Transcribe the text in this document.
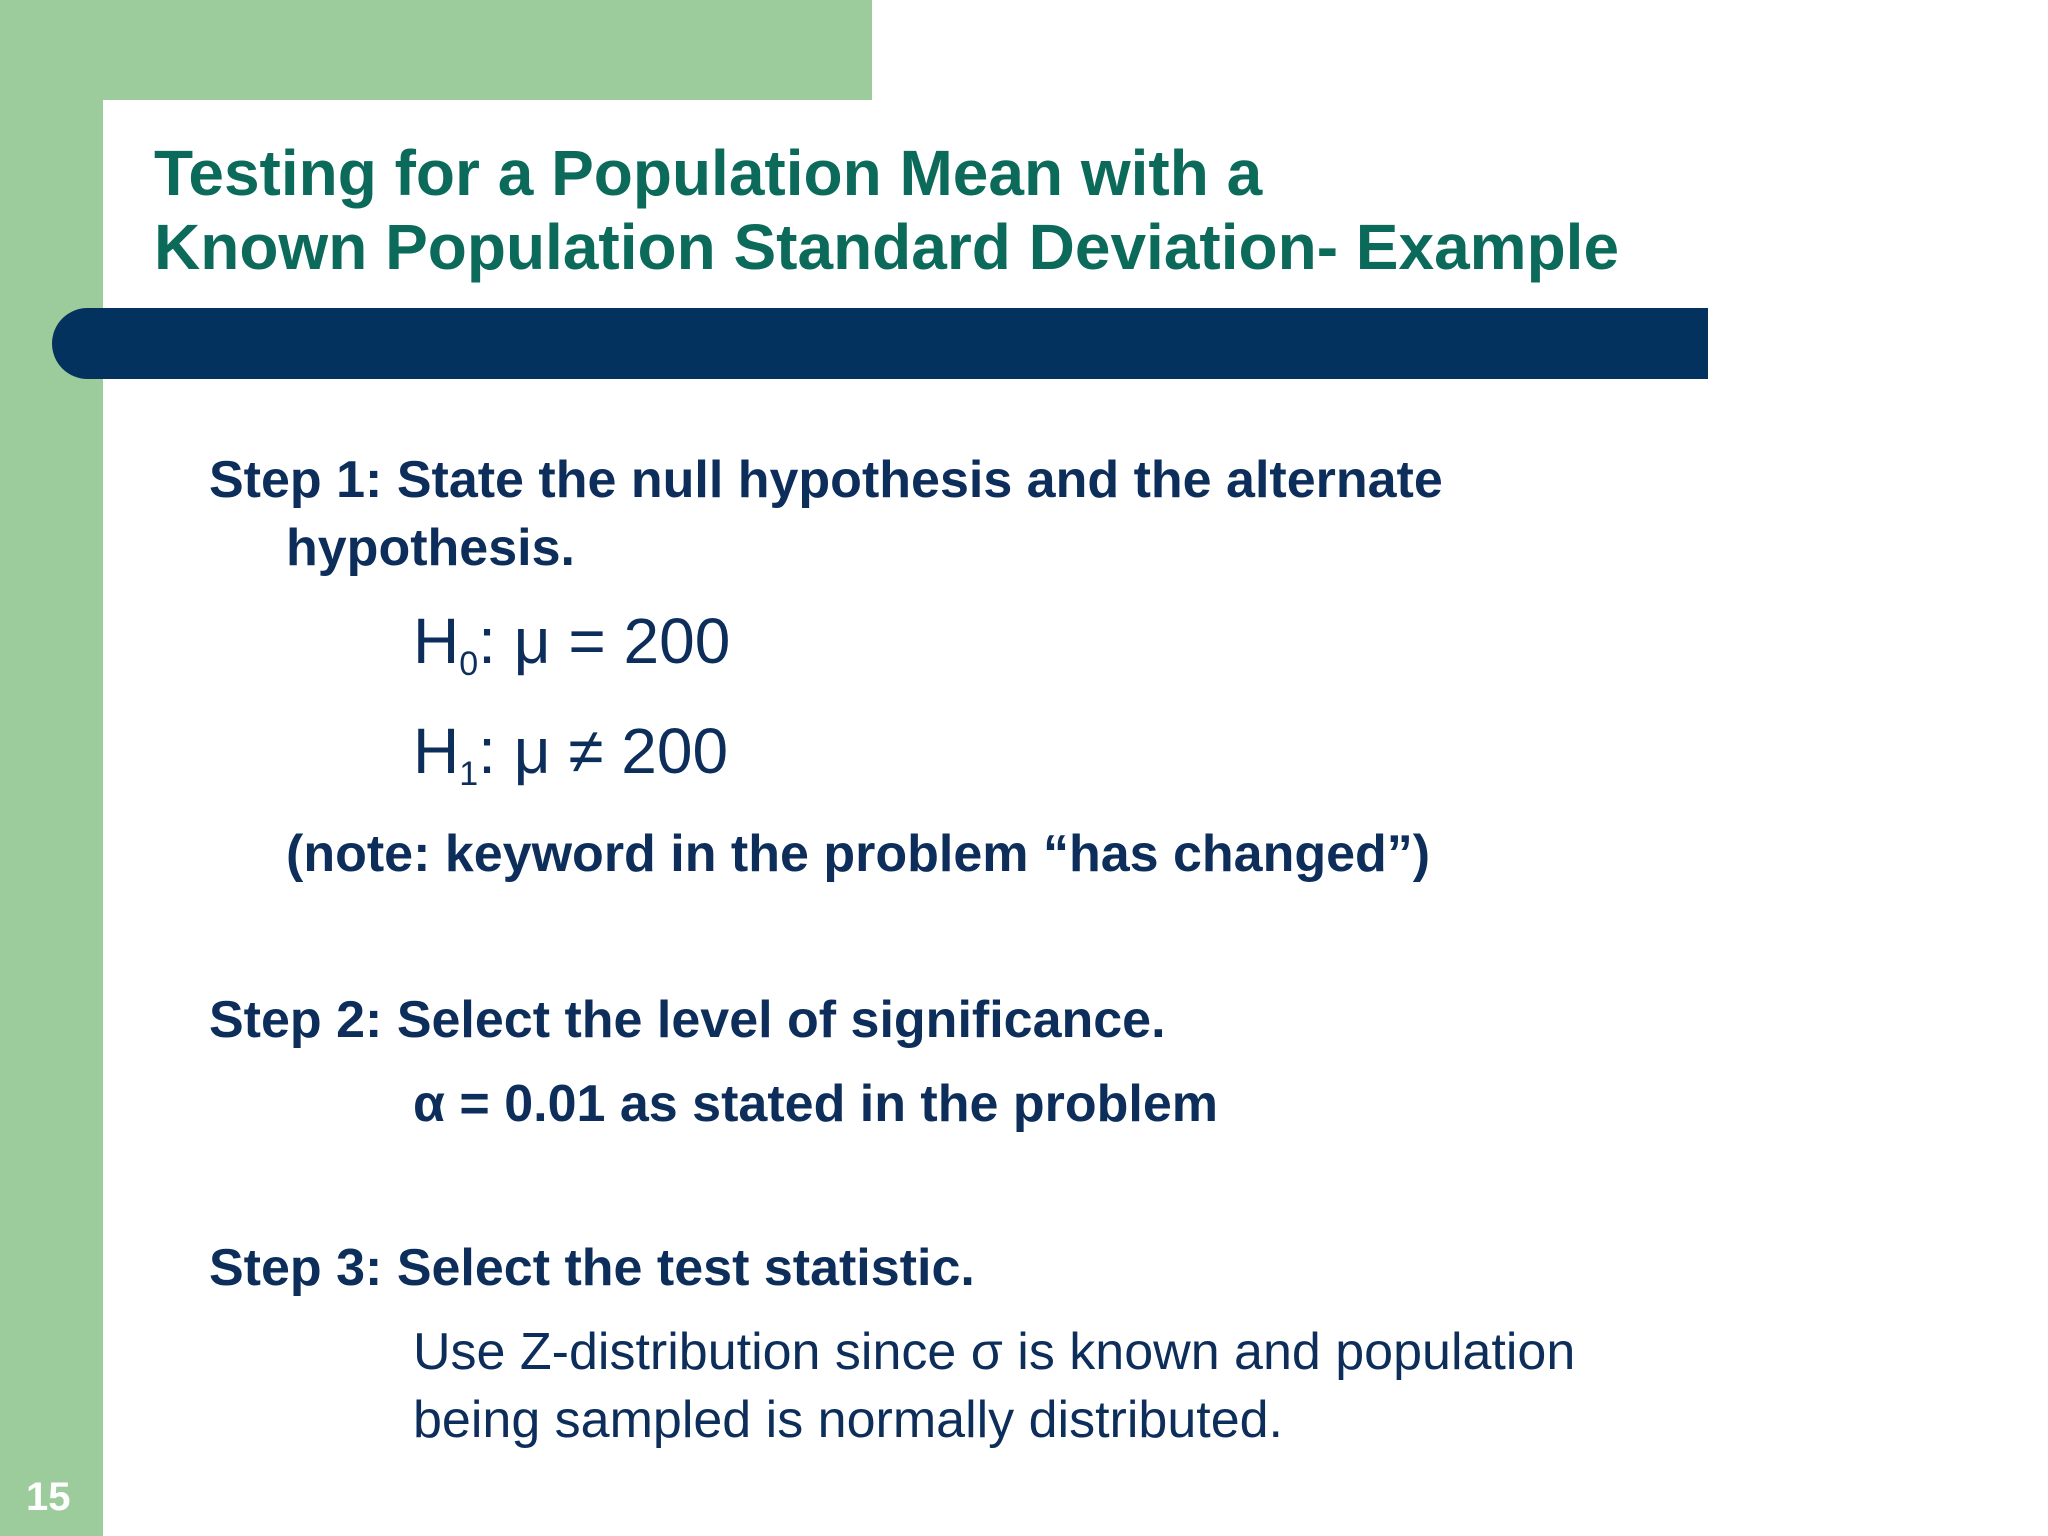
Testing for a Population Mean with a
Known Population Standard Deviation- Example

Step 1: State the null hypothesis and the alternate

hypothesis.
$H_0$: μ = 200
$H_1$: μ ≠ 200
(note: keyword in the problem “has changed”)

Step 2: Select the level of significance.

α = 0.01 as stated in the problem

Step 3: Select the test statistic.

Use Z-distribution since σ is known and population
being sampled is normally distributed.
15
